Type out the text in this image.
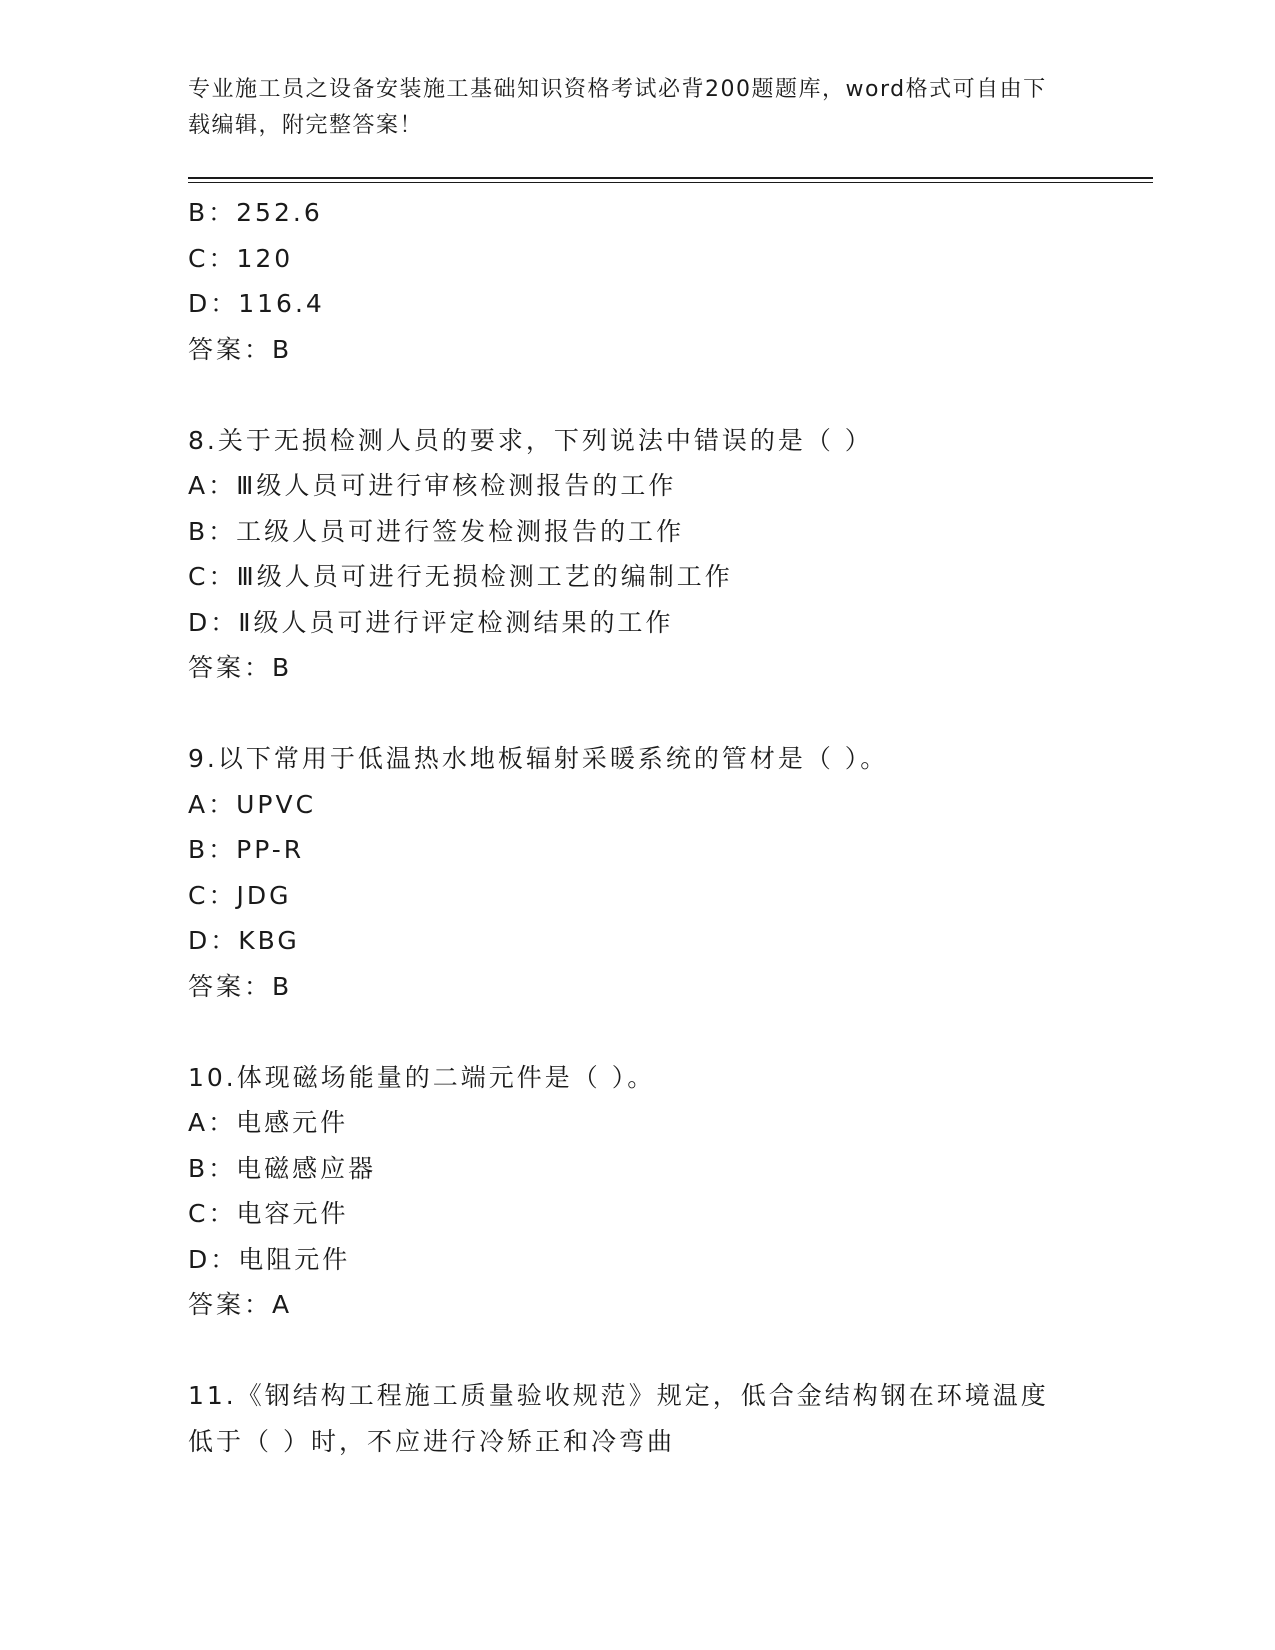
专业施工员之设备安装施工基础知识资格考试必背200题题库，word格式可自由下载编辑，附完整答案！
B：252.6
C：120
D：116.4
答案：B
8.关于无损检测人员的要求，下列说法中错误的是（ ）
A：Ⅲ级人员可进行审核检测报告的工作
B：工级人员可进行签发检测报告的工作
C：Ⅲ级人员可进行无损检测工艺的编制工作
D：Ⅱ级人员可进行评定检测结果的工作
答案：B
9.以下常用于低温热水地板辐射采暖系统的管材是（ ）。
A：UPVC
B：PP-R
C：JDG
D：KBG
答案：B
10.体现磁场能量的二端元件是（ ）。
A：电感元件
B：电磁感应器
C：电容元件
D：电阻元件
答案：A
11.《钢结构工程施工质量验收规范》规定，低合金结构钢在环境温度低于（ ）时，不应进行冷矫正和冷弯曲
